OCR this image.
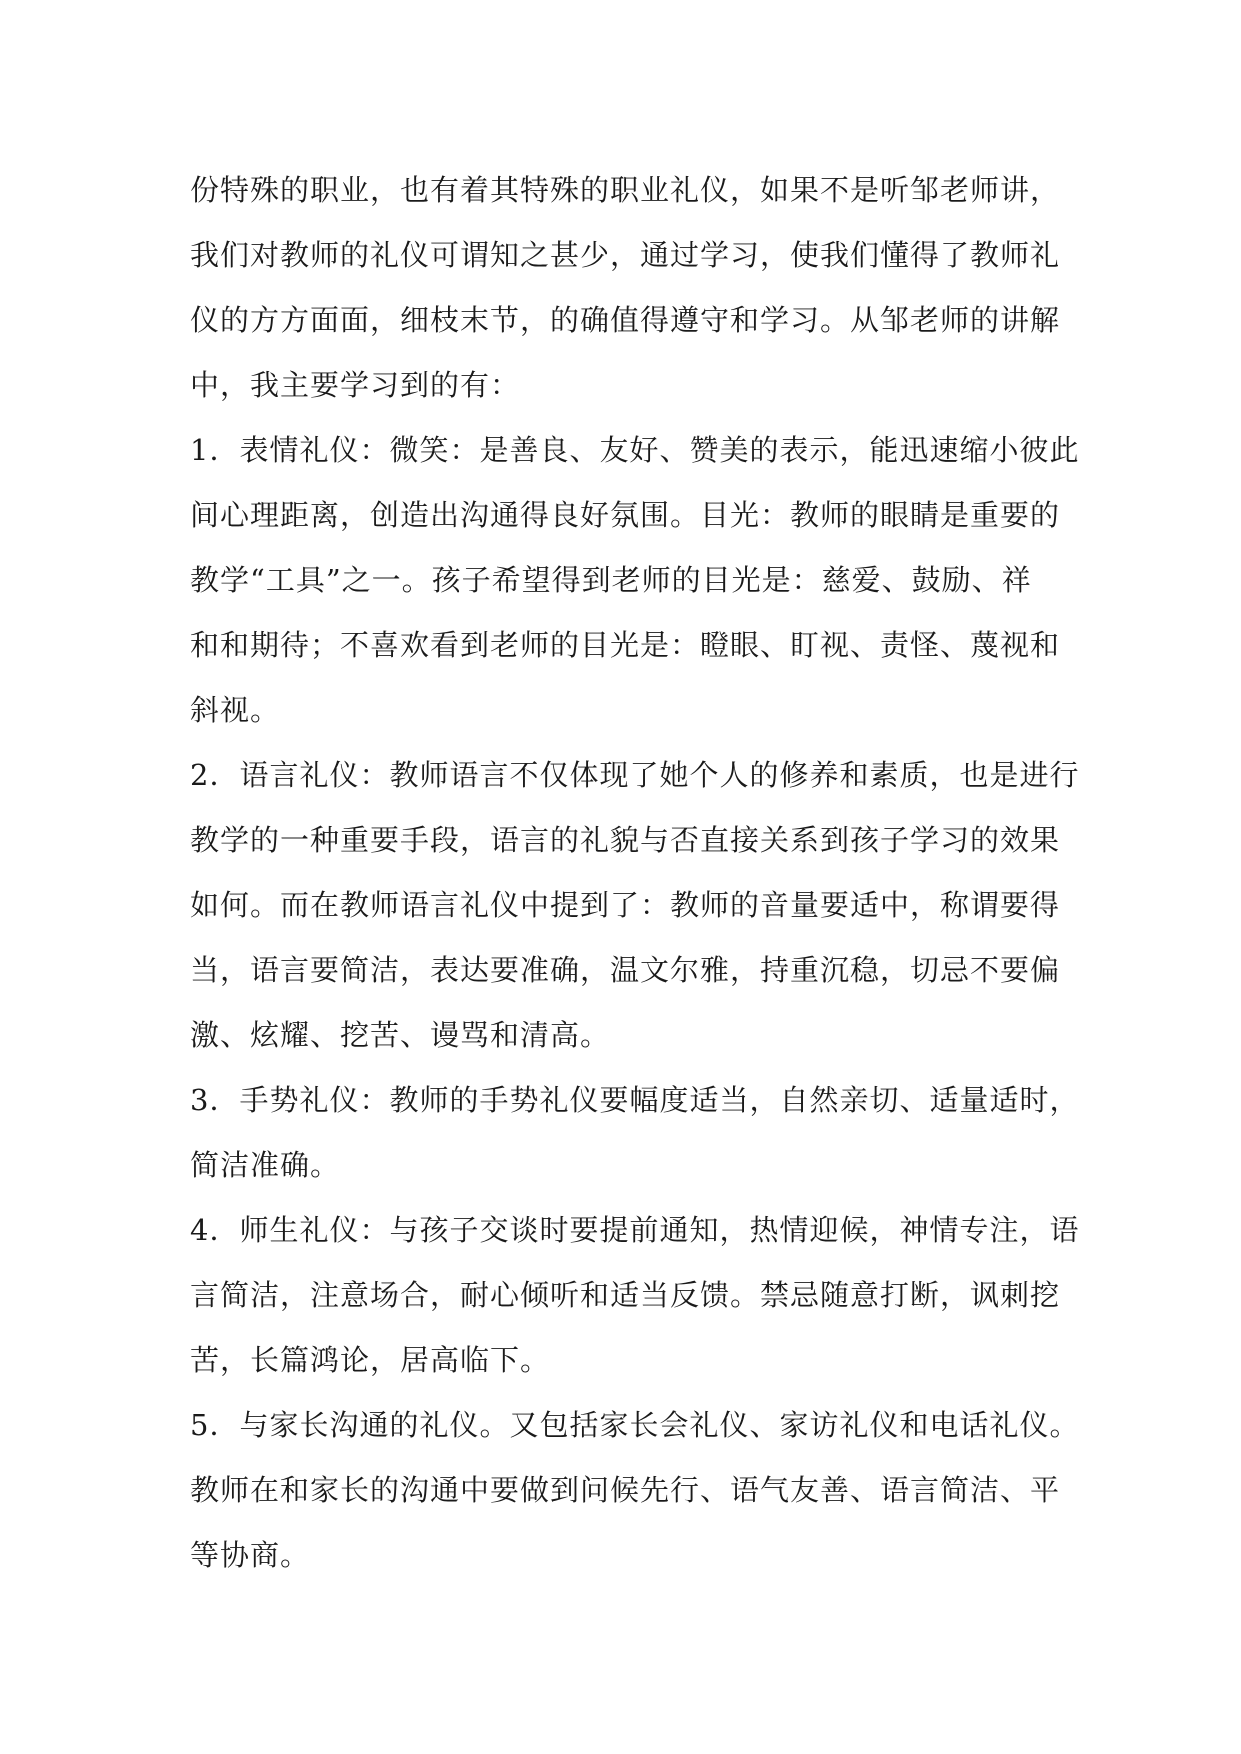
份特殊的职业，也有着其特殊的职业礼仪，如果不是听邹老师讲，
我们对教师的礼仪可谓知之甚少，通过学习，使我们懂得了教师礼
仪的方方面面，细枝末节，的确值得遵守和学习。从邹老师的讲解
中，我主要学习到的有：
1．表情礼仪：微笑：是善良、友好、赞美的表示，能迅速缩小彼此
间心理距离，创造出沟通得良好氛围。目光：教师的眼睛是重要的
教学“工具”之一。孩子希望得到老师的目光是：慈爱、鼓励、祥
和和期待；不喜欢看到老师的目光是：瞪眼、盯视、责怪、蔑视和
斜视。
2．语言礼仪：教师语言不仅体现了她个人的修养和素质，也是进行
教学的一种重要手段，语言的礼貌与否直接关系到孩子学习的效果
如何。而在教师语言礼仪中提到了：教师的音量要适中，称谓要得
当，语言要简洁，表达要准确，温文尔雅，持重沉稳，切忌不要偏
激、炫耀、挖苦、谩骂和清高。
3．手势礼仪：教师的手势礼仪要幅度适当，自然亲切、适量适时，
简洁准确。
4．师生礼仪：与孩子交谈时要提前通知，热情迎候，神情专注，语
言简洁，注意场合，耐心倾听和适当反馈。禁忌随意打断，讽刺挖
苦，长篇鸿论，居高临下。
5．与家长沟通的礼仪。又包括家长会礼仪、家访礼仪和电话礼仪。
教师在和家长的沟通中要做到问候先行、语气友善、语言简洁、平
等协商。
